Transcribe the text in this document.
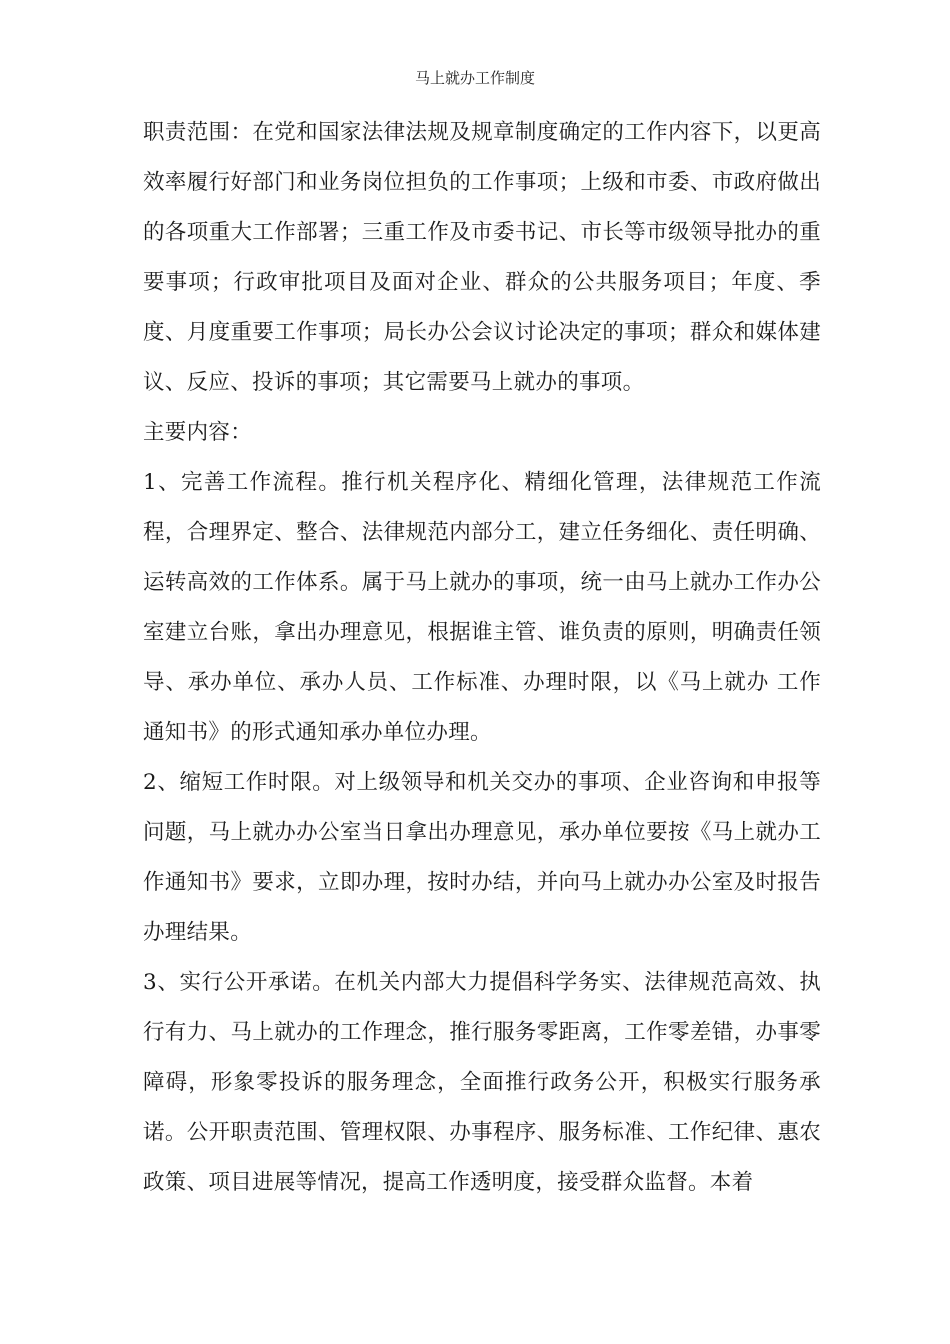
马上就办工作制度

职责范围：在党和国家法律法规及规章制度确定的工作内容下，以更高效率履行好部门和业务岗位担负的工作事项；上级和市委、市政府做出的各项重大工作部署；三重工作及市委书记、市长等市级领导批办的重要事项；行政审批项目及面对企业、群众的公共服务项目；年度、季度、月度重要工作事项；局长办公会议讨论决定的事项；群众和媒体建议、反应、投诉的事项；其它需要马上就办的事项。

主要内容：

1、完善工作流程。推行机关程序化、精细化管理，法律规范工作流程，合理界定、整合、法律规范内部分工，建立任务细化、责任明确、运转高效的工作体系。属于马上就办的事项，统一由马上就办工作办公室建立台账，拿出办理意见，根据谁主管、谁负责的原则，明确责任领导、承办单位、承办人员、工作标准、办理时限，以《马上就办 工作通知书》的形式通知承办单位办理。

2、缩短工作时限。对上级领导和机关交办的事项、企业咨询和申报等问题，马上就办办公室当日拿出办理意见，承办单位要按《马上就办工作通知书》要求，立即办理，按时办结，并向马上就办办公室及时报告办理结果。

3、实行公开承诺。在机关内部大力提倡科学务实、法律规范高效、执行有力、马上就办的工作理念，推行服务零距离，工作零差错，办事零障碍，形象零投诉的服务理念，全面推行政务公开，积极实行服务承诺。公开职责范围、管理权限、办事程序、服务标准、工作纪律、惠农政策、项目进展等情况，提高工作透明度，接受群众监督。本着
